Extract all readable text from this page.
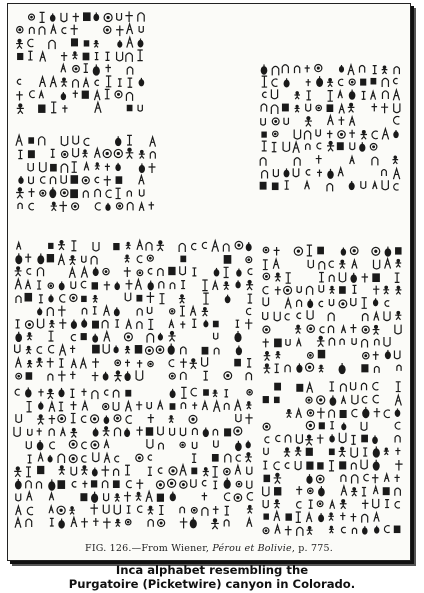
FIG. 126.—From Wiener, Pérou et Bolivie, p. 775.
Inca alphabet resembling the
Purgatoire (Picketwire) canyon in Colorado.
